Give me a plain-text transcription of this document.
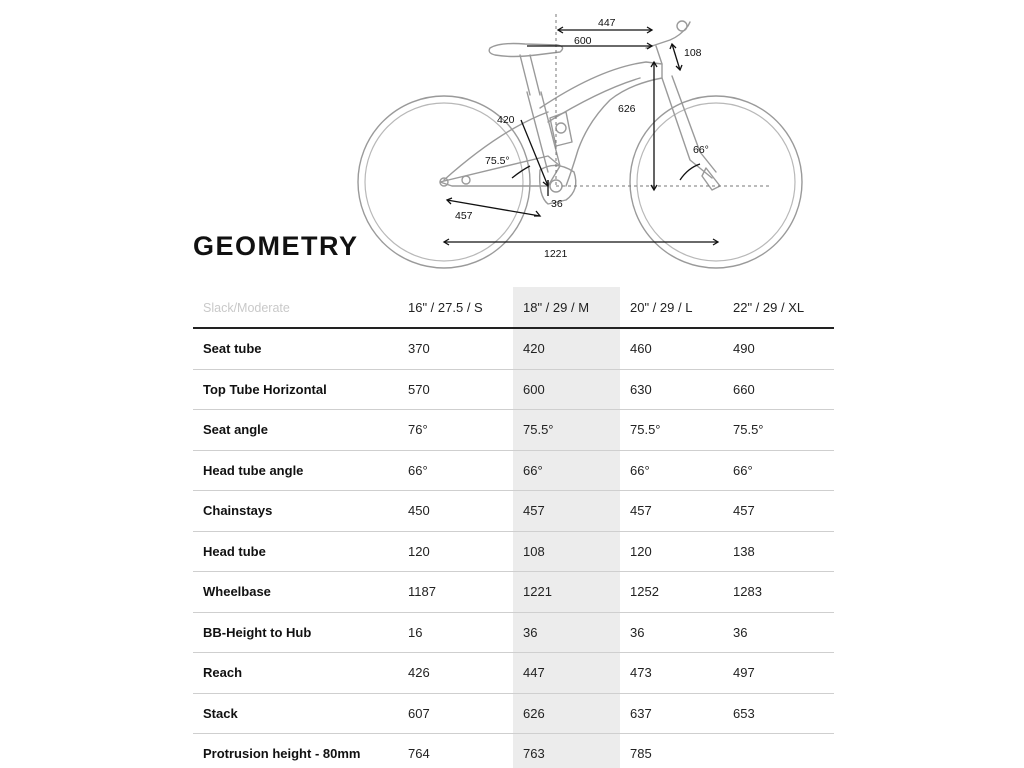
447
600
108
420
626
75.5°
66°
36
457
1221
GEOMETRY
Slack/Moderate	16" / 27.5 / S	18" / 29 / M	20" / 29 / L	22" / 29 / XL
Seat tube	370	420	460	490
Top Tube Horizontal	570	600	630	660
Seat angle	76°	75.5°	75.5°	75.5°
Head tube angle	66°	66°	66°	66°
Chainstays	450	457	457	457
Head tube	120	108	120	138
Wheelbase	1187	1221	1252	1283
BB-Height to Hub	16	36	36	36
Reach	426	447	473	497
Stack	607	626	637	653
Protrusion height - 80mm	764	763	785	
